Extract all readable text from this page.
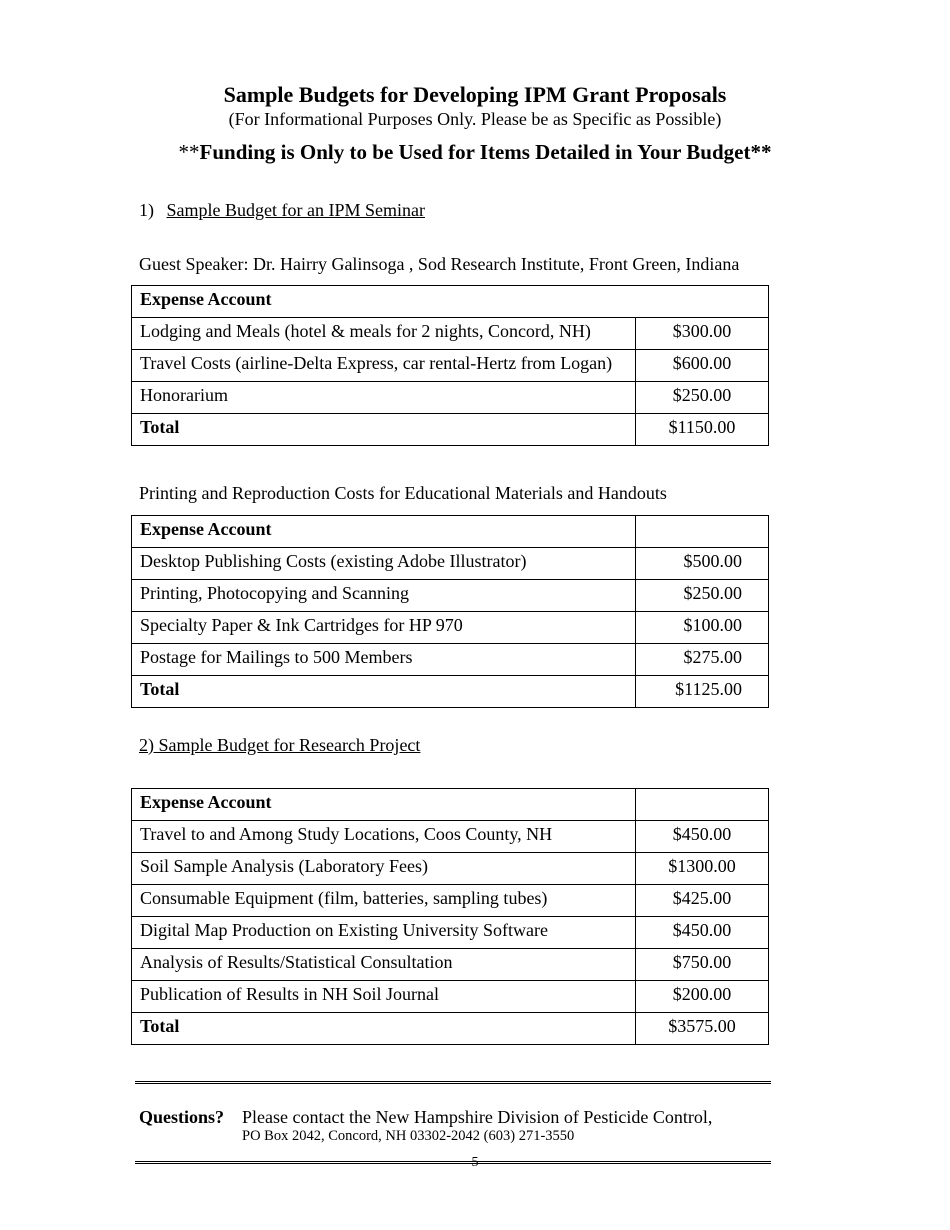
Sample Budgets for Developing IPM Grant Proposals
(For Informational Purposes Only. Please be as Specific as Possible)
**Funding is Only to be Used for Items Detailed in Your Budget**
1) Sample Budget for an IPM Seminar
Guest Speaker: Dr. Hairry Galinsoga , Sod Research Institute, Front Green, Indiana
Expense Account	
Lodging and Meals (hotel & meals for 2 nights, Concord, NH)	$300.00
Travel Costs (airline-Delta Express, car rental-Hertz from Logan)	$600.00
Honorarium	$250.00
Total	$1150.00
Printing and Reproduction Costs for Educational Materials and Handouts
Expense Account	
Desktop Publishing Costs (existing Adobe Illustrator)	$500.00
Printing, Photocopying and Scanning	$250.00
Specialty Paper & Ink Cartridges for HP 970	$100.00
Postage for Mailings to 500 Members	$275.00
Total	$1125.00
2) Sample Budget for Research Project
Expense Account	
Travel to and Among Study Locations, Coos County, NH	$450.00
Soil Sample Analysis (Laboratory Fees)	$1300.00
Consumable Equipment (film, batteries, sampling tubes)	$425.00
Digital Map Production on Existing University Software	$450.00
Analysis of Results/Statistical Consultation	$750.00
Publication of Results in NH Soil Journal	$200.00
Total	$3575.00
Questions? Please contact the New Hampshire Division of Pesticide Control,
PO Box 2042, Concord, NH 03302-2042 (603) 271-3550
5
